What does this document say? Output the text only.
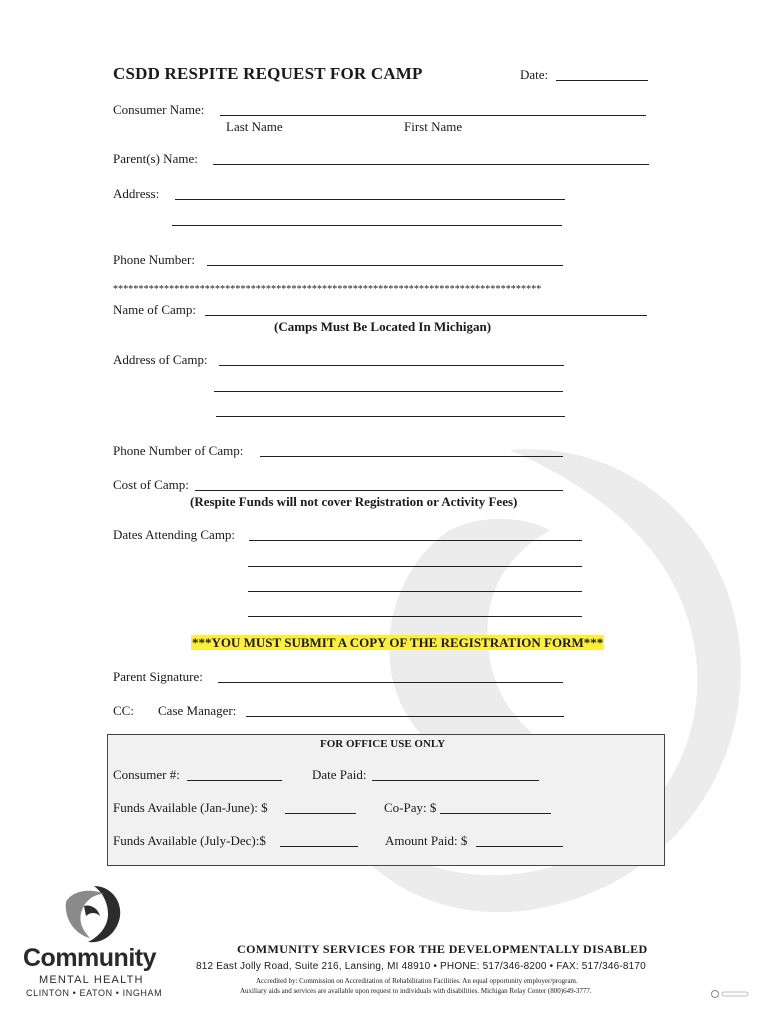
CSDD RESPITE REQUEST FOR CAMP	Date:
Consumer Name:
Last Name	First Name
Parent(s) Name:
Address:
Phone Number:
************************************************************************************
Name of Camp:
(Camps Must Be Located In Michigan)
Address of Camp:
Phone Number of Camp:
Cost of Camp:
(Respite Funds will not cover Registration or Activity Fees)
Dates Attending Camp:
***YOU MUST SUBMIT A COPY OF THE REGISTRATION FORM***
Parent Signature:
CC: Case Manager:
FOR OFFICE USE ONLY
Consumer #:	Date Paid:
Funds Available (Jan-June): $	Co-Pay: $
Funds Available (July-Dec):$	Amount Paid: $
Community
MENTAL HEALTH
CLINTON • EATON • INGHAM
COMMUNITY SERVICES FOR THE DEVELOPMENTALLY DISABLED
812 East Jolly Road, Suite 216, Lansing, MI 48910 • PHONE: 517/346-8200 • FAX: 517/346-8170
Accredited by: Commission on Accreditation of Rehabilitation Facilities. An equal opportunity employer/program.
Auxiliary aids and services are available upon request to individuals with disabilities. Michigan Relay Center (800)649-3777.
